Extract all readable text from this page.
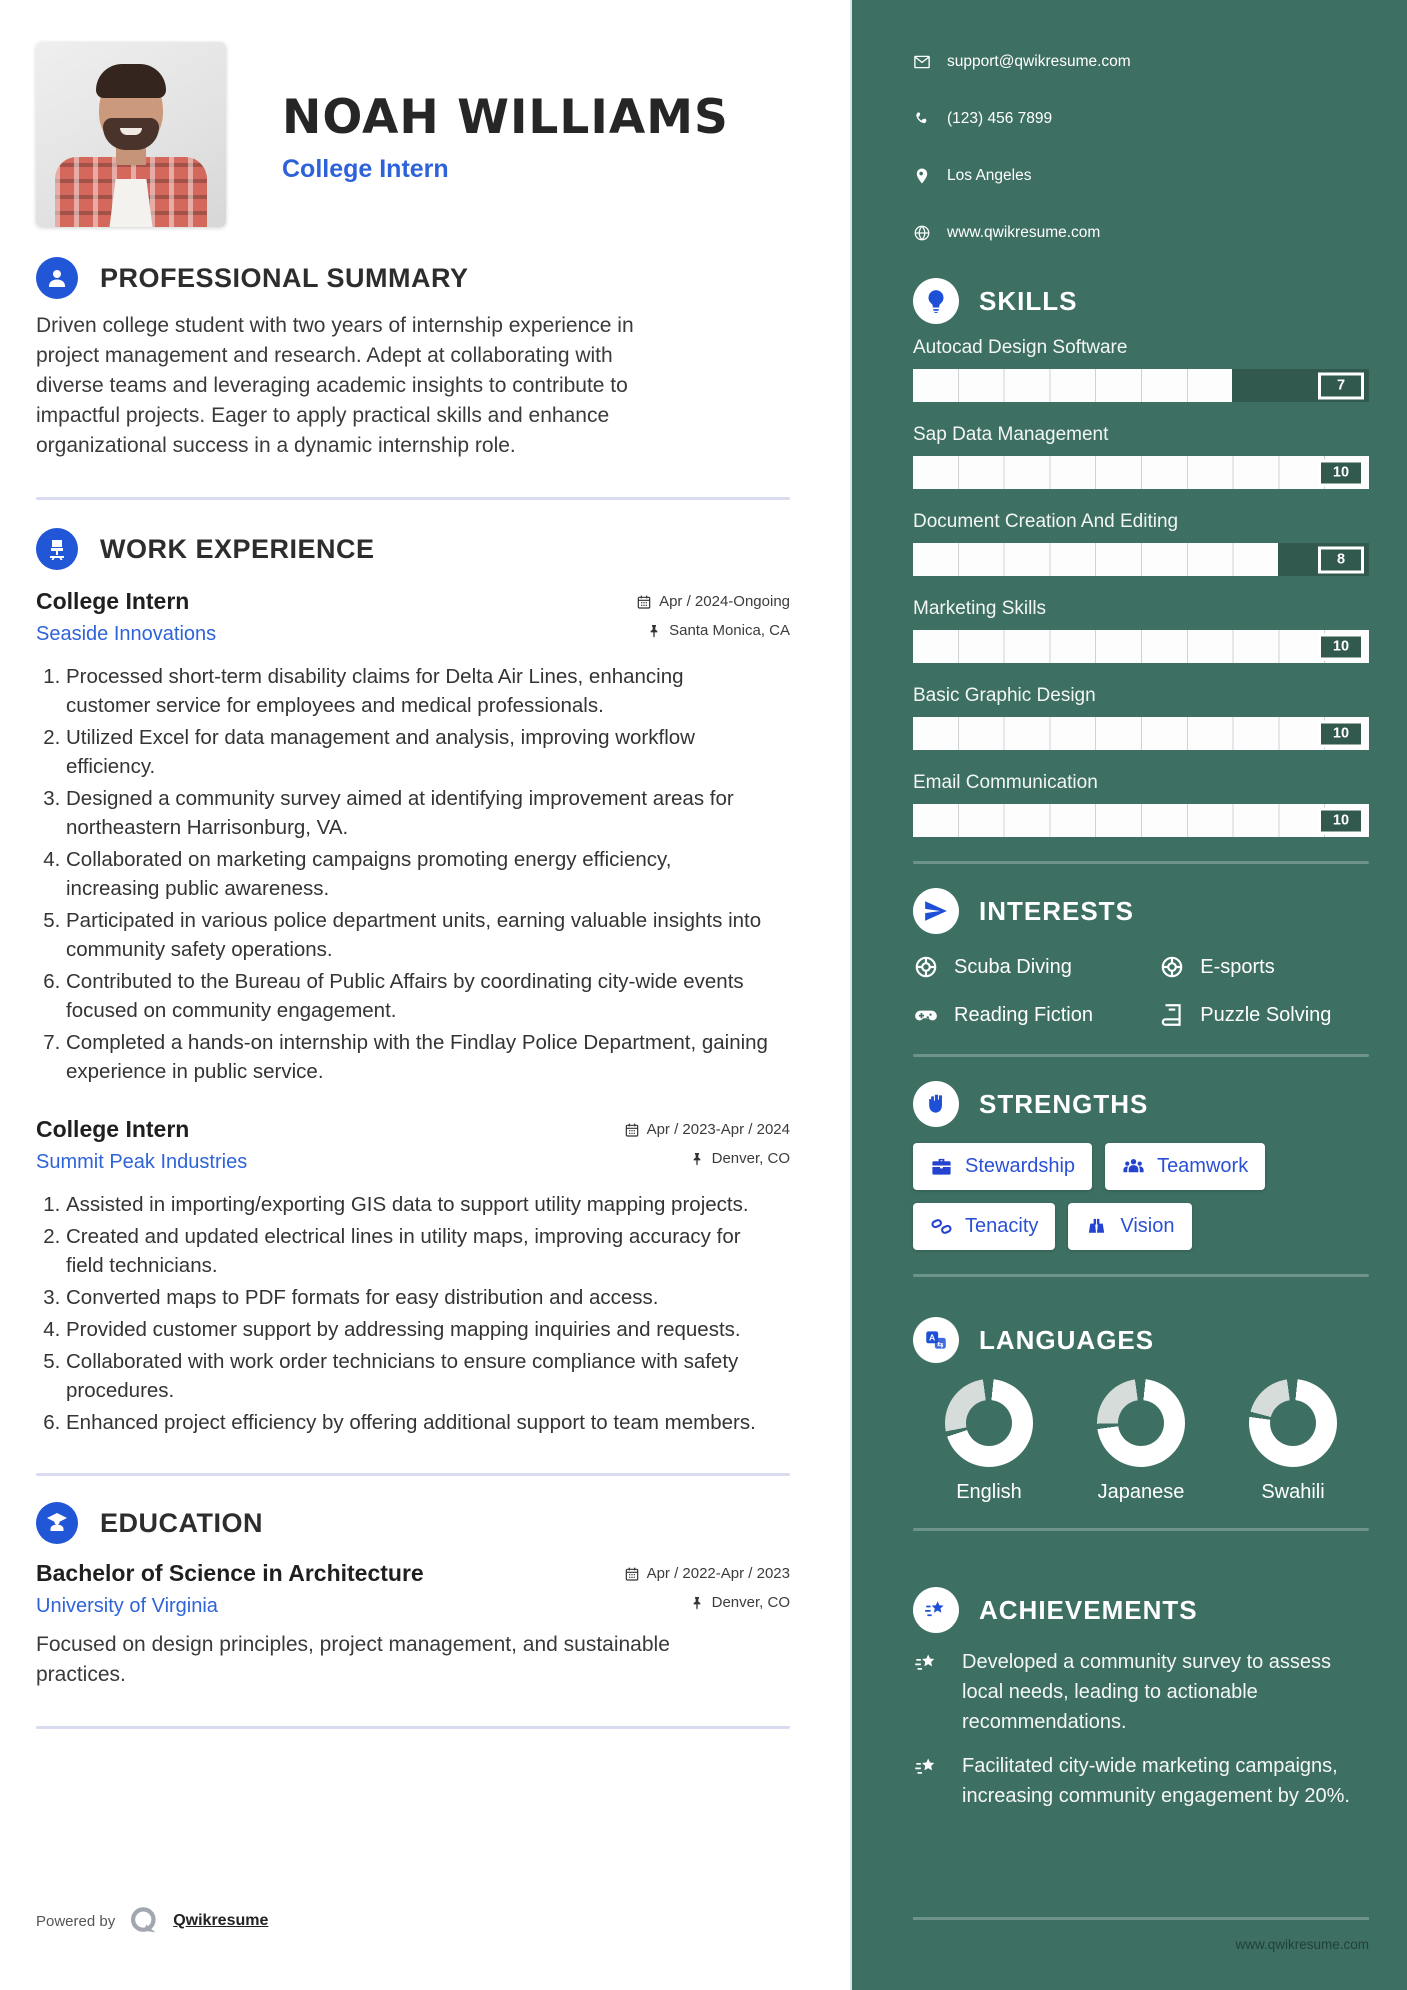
NOAH WILLIAMS
College Intern
PROFESSIONAL SUMMARY

Driven college student with two years of internship experience in project management and research. Adept at collaborating with diverse teams and leveraging academic insights to contribute to impactful projects. Eager to apply practical skills and enhance organizational success in a dynamic internship role.

WORK EXPERIENCE
College Intern	Apr / 2024-Ongoing
Seaside Innovations	Santa Monica, CA
1. Processed short-term disability claims for Delta Air Lines, enhancing customer service for employees and medical professionals.
2. Utilized Excel for data management and analysis, improving workflow efficiency.
3. Designed a community survey aimed at identifying improvement areas for northeastern Harrisonburg, VA.
4. Collaborated on marketing campaigns promoting energy efficiency, increasing public awareness.
5. Participated in various police department units, earning valuable insights into community safety operations.
6. Contributed to the Bureau of Public Affairs by coordinating city-wide events focused on community engagement.
7. Completed a hands-on internship with the Findlay Police Department, gaining experience in public service.
College Intern	Apr / 2023-Apr / 2024
Summit Peak Industries	Denver, CO
1. Assisted in importing/exporting GIS data to support utility mapping projects.
2. Created and updated electrical lines in utility maps, improving accuracy for field technicians.
3. Converted maps to PDF formats for easy distribution and access.
4. Provided customer support by addressing mapping inquiries and requests.
5. Collaborated with work order technicians to ensure compliance with safety procedures.
6. Enhanced project efficiency by offering additional support to team members.
EDUCATION
Bachelor of Science in Architecture	Apr / 2022-Apr / 2023
University of Virginia	Denver, CO

Focused on design principles, project management, and sustainable practices.

Powered by	Qwikresume
support@qwikresume.com
(123) 456 7899
Los Angeles
www.qwikresume.com
SKILLS
Autocad Design Software
7
Sap Data Management
10
Document Creation And Editing
8
Marketing Skills
10
Basic Graphic Design
10
Email Communication
10
INTERESTS
Scuba Diving	E-sports
Reading Fiction	Puzzle Solving
STRENGTHS
Stewardship	Teamwork
Tenacity	Vision
A
⇆ LANGUAGES
English	Japanese	Swahili
ACHIEVEMENTS

Developed a community survey to assess local needs, leading to actionable recommendations.

Facilitated city-wide marketing campaigns, increasing community engagement by 20%.

www.qwikresume.com
